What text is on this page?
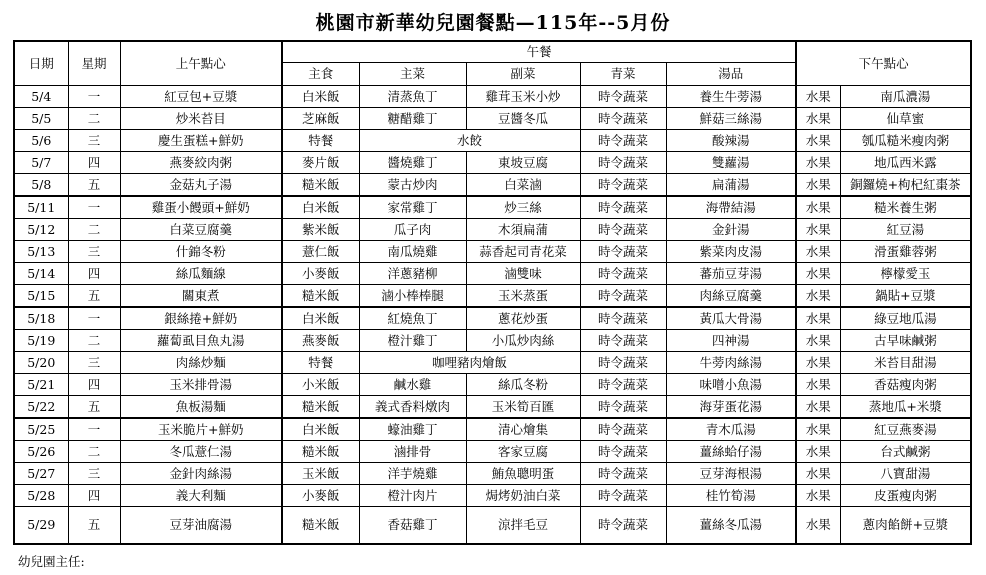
桃園市新華幼兒園餐點—115年--5月份
日期	星期	上午點心	午餐					下午點心	
			主食	主菜	副菜	青菜	湯品		
5/4	一	紅豆包+豆漿	白米飯	清蒸魚丁	雞茸玉米小炒	時令蔬菜	養生牛蒡湯	水果	南瓜濃湯
5/5	二	炒米苔目	芝麻飯	糖醋雞丁	豆醬冬瓜	時令蔬菜	鮮菇三絲湯	水果	仙草蜜
5/6	三	慶生蛋糕+鮮奶	特餐	水餃		時令蔬菜	酸辣湯	水果	瓠瓜糙米瘦肉粥
5/7	四	燕麥絞肉粥	麥片飯	醬燒雞丁	東坡豆腐	時令蔬菜	雙蘿湯	水果	地瓜西米露
5/8	五	金菇丸子湯	糙米飯	蒙古炒肉	白菜滷	時令蔬菜	扁蒲湯	水果	銅鑼燒+枸杞紅棗茶
5/11	一	雞蛋小饅頭+鮮奶	白米飯	家常雞丁	炒三絲	時令蔬菜	海帶結湯	水果	糙米養生粥
5/12	二	白菜豆腐羹	紫米飯	瓜子肉	木須扁蒲	時令蔬菜	金針湯	水果	紅豆湯
5/13	三	什錦冬粉	薏仁飯	南瓜燒雞	蒜香起司青花菜	時令蔬菜	紫菜肉皮湯	水果	滑蛋雞蓉粥
5/14	四	絲瓜麵線	小麥飯	洋蔥豬柳	滷雙味	時令蔬菜	蕃茄豆芽湯	水果	檸檬愛玉
5/15	五	關東煮	糙米飯	滷小棒棒腿	玉米蒸蛋	時令蔬菜	肉絲豆腐羹	水果	鍋貼+豆漿
5/18	一	銀絲捲+鮮奶	白米飯	紅燒魚丁	蔥花炒蛋	時令蔬菜	黃瓜大骨湯	水果	綠豆地瓜湯
5/19	二	蘿蔔虱目魚丸湯	燕麥飯	橙汁雞丁	小瓜炒肉絲	時令蔬菜	四神湯	水果	古早味鹹粥
5/20	三	肉絲炒麵	特餐	咖哩豬肉燴飯		時令蔬菜	牛蒡肉絲湯	水果	米苔目甜湯
5/21	四	玉米排骨湯	小米飯	鹹水雞	絲瓜冬粉	時令蔬菜	味噌小魚湯	水果	香菇瘦肉粥
5/22	五	魚板湯麵	糙米飯	義式香料燉肉	玉米筍百匯	時令蔬菜	海芽蛋花湯	水果	蒸地瓜+米漿
5/25	一	玉米脆片+鮮奶	白米飯	蠔油雞丁	清心燴集	時令蔬菜	青木瓜湯	水果	紅豆燕麥湯
5/26	二	冬瓜薏仁湯	糙米飯	滷排骨	客家豆腐	時令蔬菜	薑絲蛤仔湯	水果	台式鹹粥
5/27	三	金針肉絲湯	玉米飯	洋芋燒雞	鮪魚聰明蛋	時令蔬菜	豆芽海根湯	水果	八寶甜湯
5/28	四	義大利麵	小麥飯	橙汁肉片	焗烤奶油白菜	時令蔬菜	桂竹筍湯	水果	皮蛋瘦肉粥
5/29	五	豆芽油腐湯	糙米飯	香菇雞丁	涼拌毛豆	時令蔬菜	薑絲冬瓜湯	水果	蔥肉餡餅+豆漿
幼兒園主任:
